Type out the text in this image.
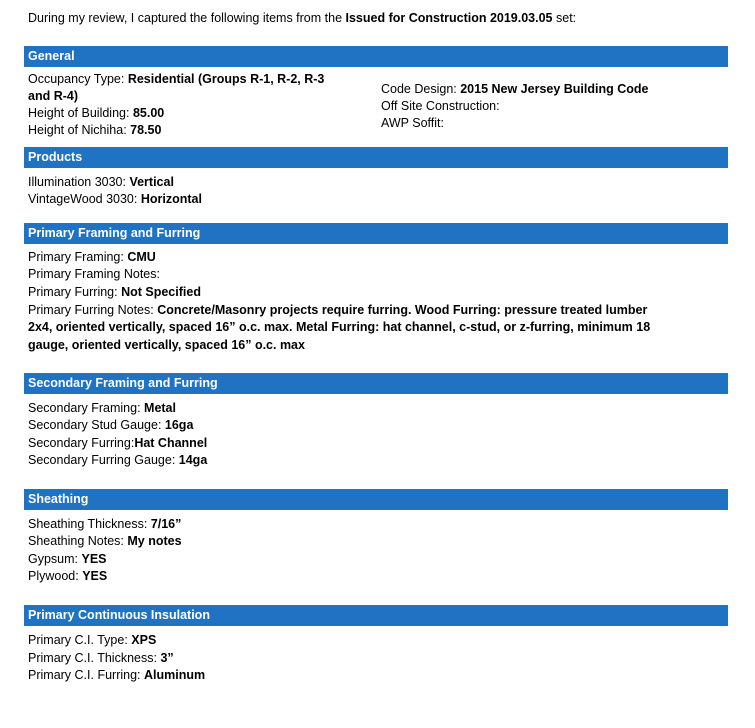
During my review, I captured the following items from the Issued for Construction 2019.03.05 set:
General
Occupancy Type: Residential (Groups R-1, R-2, R-3
and R-4)
Height of Building: 85.00
Height of Nichiha: 78.50
Code Design: 2015 New Jersey Building Code
Off Site Construction:
AWP Soffit:
Products
Illumination 3030: Vertical
VintageWood 3030: Horizontal
Primary Framing and Furring
Primary Framing: CMU
Primary Framing Notes:
Primary Furring: Not Specified
Primary Furring Notes: Concrete/Masonry projects require furring. Wood Furring: pressure treated lumber
2x4, oriented vertically, spaced 16” o.c. max. Metal Furring: hat channel, c-stud, or z-furring, minimum 18
gauge, oriented vertically, spaced 16” o.c. max
Secondary Framing and Furring
Secondary Framing: Metal
Secondary Stud Gauge: 16ga
Secondary Furring:Hat Channel
Secondary Furring Gauge: 14ga
Sheathing
Sheathing Thickness: 7/16”
Sheathing Notes: My notes
Gypsum: YES
Plywood: YES
Primary Continuous Insulation
Primary C.I. Type: XPS
Primary C.I. Thickness: 3”
Primary C.I. Furring: Aluminum
